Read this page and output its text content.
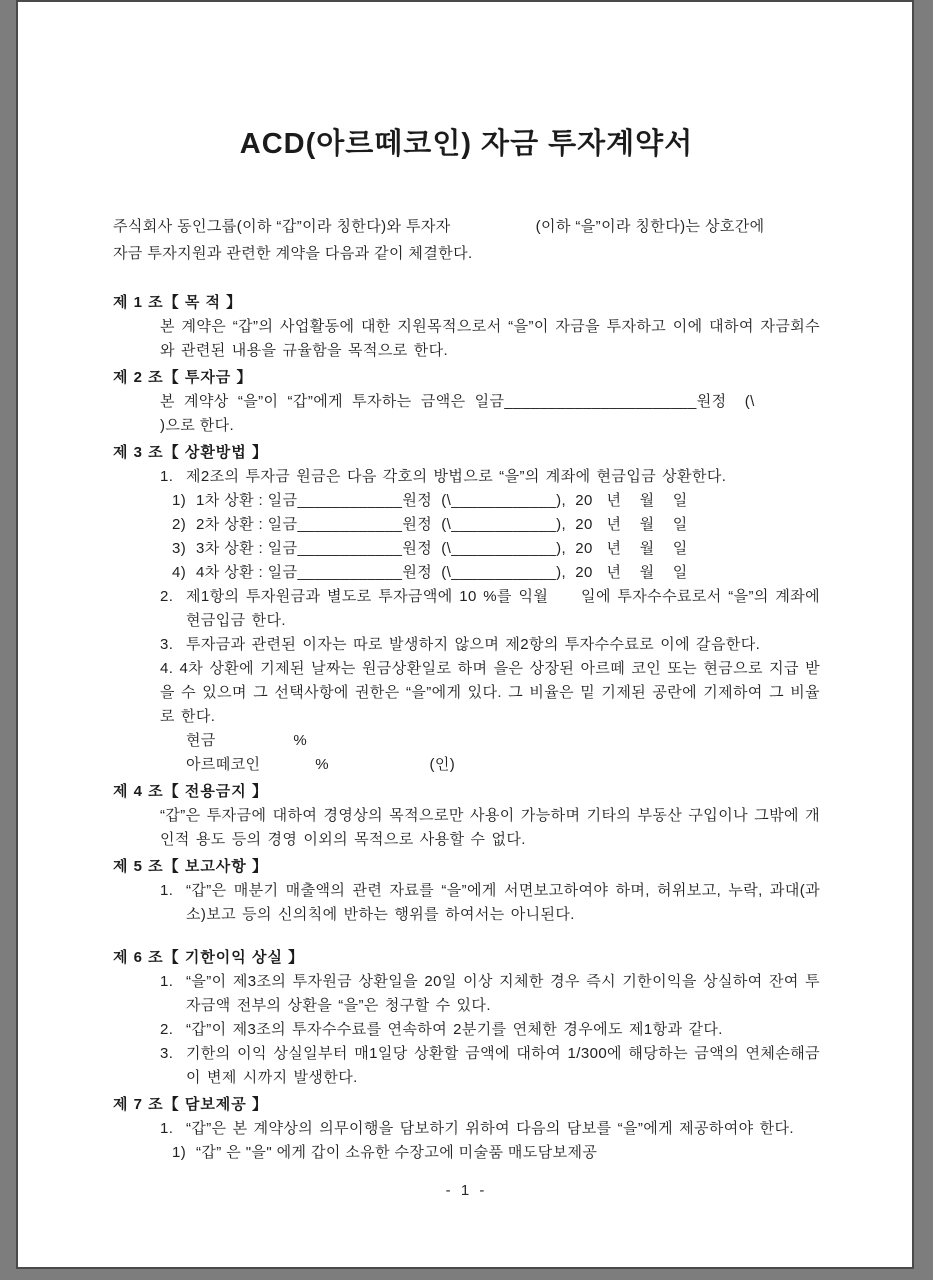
ACD(아르떼코인) 자금 투자계약서
주식회사 동인그룹(이하 “갑”이라 칭한다)와 투자자	(이하 “을”이라 칭한다)는 상호간에
자금 투자지원과 관련한 계약을 다음과 같이 체결한다.
제 1 조【 목 적 】
본 계약은 “갑”의 사업활동에 대한 지원목적으로서 “을”이 자금을 투자하고 이에 대하여 자금회수와 관련된 내용을 규율함을 목적으로 한다.
제 2 조【 투자금 】
본  계약상  “을”이  “갑”에게  투자하는  금액은  일금______________________원정    (\
)으로 한다.
제 3 조【 상환방법 】
1. 제2조의 투자금 원금은 다음 각호의 방법으로 “을”의 계좌에 현금입금 상환한다.
1) 1차 상환 : 일금____________원정  (\____________),  20   년    월    일
2) 2차 상환 : 일금____________원정  (\____________),  20   년    월    일
3) 3차 상환 : 일금____________원정  (\____________),  20   년    월    일
4) 4차 상환 : 일금____________원정  (\____________),  20   년    월    일
2. 제1항의 투자원금과 별도로 투자금액에 10 %를 익월     일에 투자수수료로서 “을”의 계좌에 현금입금 한다.
3. 투자금과 관련된 이자는 따로 발생하지 않으며 제2항의 투자수수료로 이에 갈음한다.
4. 4차 상환에 기제된 날짜는 원금상환일로 하며 을은 상장된 아르떼 코인 또는 현금으로 지급 받을 수 있으며 그 선택사항에 권한은 “을”에게 있다. 그 비율은 밑 기제된 공란에 기제하여 그 비율로 한다.
현금                 %
아르떼코인            %                      (인)
제 4 조【 전용금지 】
“갑”은 투자금에 대하여 경영상의 목적으로만 사용이 가능하며 기타의 부동산 구입이나 그밖에 개인적 용도 등의 경영 이외의 목적으로 사용할 수 없다.
제 5 조【 보고사항 】
1. “갑”은 매분기 매출액의 관련 자료를 “을”에게 서면보고하여야 하며, 허위보고, 누락, 과대(과소)보고 등의 신의칙에 반하는 행위를 하여서는 아니된다.
제 6 조【 기한이익 상실 】
1. “을”이 제3조의 투자원금 상환일을 20일 이상 지체한 경우 즉시 기한이익을 상실하여 잔여 투자금액 전부의 상환을 “을”은 청구할 수 있다.
2. “갑”이 제3조의 투자수수료를 연속하여 2분기를 연체한 경우에도 제1항과 같다.
3. 기한의 이익 상실일부터 매1일당 상환할 금액에 대하여 1/300에 해당하는 금액의 연체손해금이 변제 시까지 발생한다.
제 7 조【 담보제공 】
1. “갑”은 본 계약상의 의무이행을 담보하기 위하여 다음의 담보를 “을”에게 제공하여야 한다.
1) “갑” 은 "을" 에게 갑이 소유한 수장고에 미술품 매도담보제공
- 1 -
